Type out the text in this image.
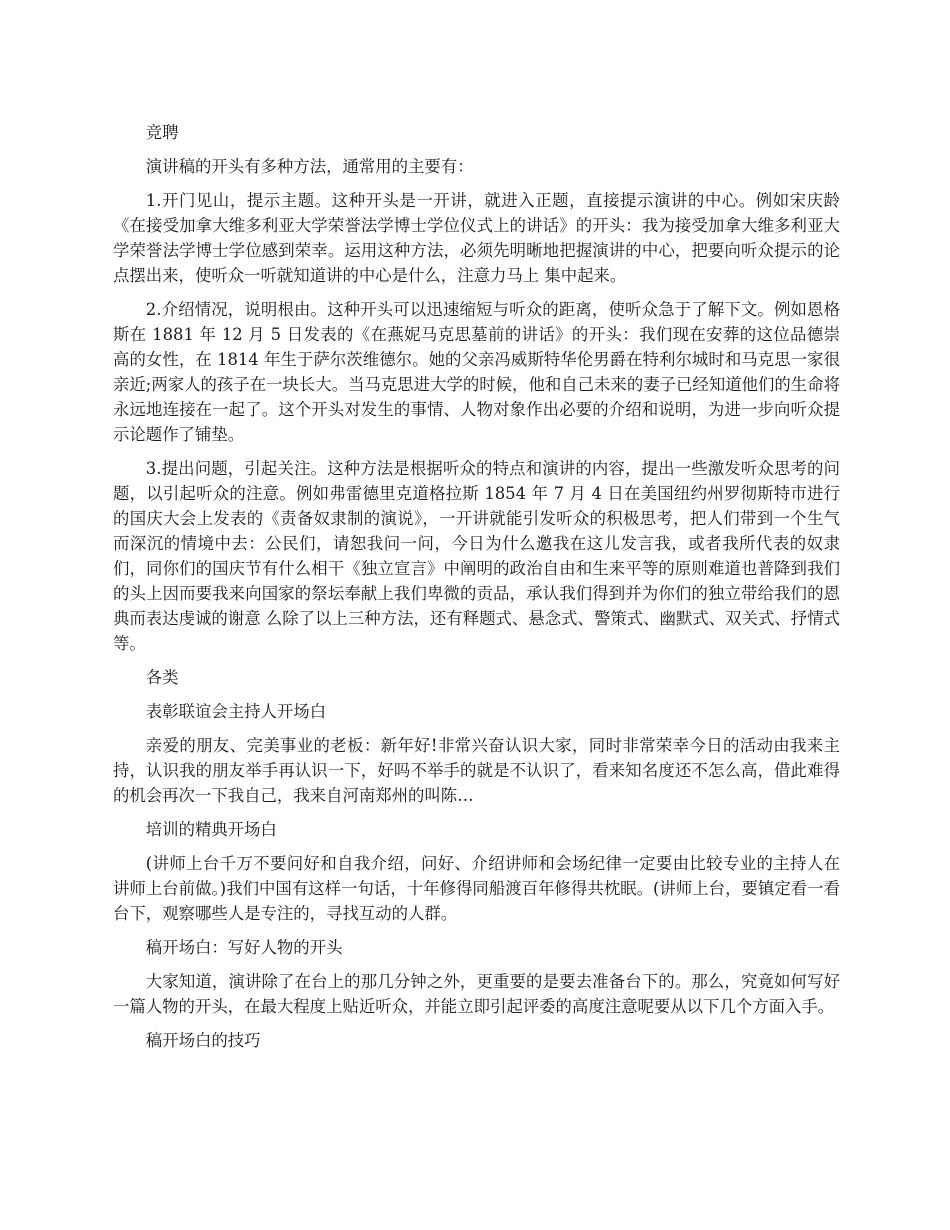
竞聘

演讲稿的开头有多种方法，通常用的主要有：

1.开门见山，提示主题。这种开头是一开讲，就进入正题，直接提示演讲的中心。例如宋庆龄《在接受加拿大维多利亚大学荣誉法学博士学位仪式上的讲话》的开头：我为接受加拿大维多利亚大学荣誉法学博士学位感到荣幸。运用这种方法，必须先明晰地把握演讲的中心，把要向听众提示的论点摆出来，使听众一听就知道讲的中心是什么，注意力马上 集中起来。

2.介绍情况，说明根由。这种开头可以迅速缩短与听众的距离，使听众急于了解下文。例如恩格斯在 1881 年 12 月 5 日发表的《在燕妮马克思墓前的讲话》的开头：我们现在安葬的这位品德崇高的女性，在 1814 年生于萨尔茨维德尔。她的父亲冯威斯特华伦男爵在特利尔城时和马克思一家很亲近;两家人的孩子在一块长大。当马克思进大学的时候，他和自己未来的妻子已经知道他们的生命将永远地连接在一起了。这个开头对发生的事情、人物对象作出必要的介绍和说明，为进一步向听众提示论题作了铺垫。

3.提出问题，引起关注。这种方法是根据听众的特点和演讲的内容，提出一些激发听众思考的问题，以引起听众的注意。例如弗雷德里克道格拉斯 1854 年 7 月 4 日在美国纽约州罗彻斯特市进行的国庆大会上发表的《责备奴隶制的演说》，一开讲就能引发听众的积极思考，把人们带到一个生气而深沉的情境中去：公民们，请恕我问一问，今日为什么邀我在这儿发言我，或者我所代表的奴隶们，同你们的国庆节有什么相干《独立宣言》中阐明的政治自由和生来平等的原则难道也普降到我们的头上因而要我来向国家的祭坛奉献上我们卑微的贡品，承认我们得到并为你们的独立带给我们的恩典而表达虔诚的谢意 么除了以上三种方法，还有释题式、悬念式、警策式、幽默式、双关式、抒情式等。

各类

表彰联谊会主持人开场白

亲爱的朋友、完美事业的老板：新年好!非常兴奋认识大家，同时非常荣幸今日的活动由我来主持，认识我的朋友举手再认识一下，好吗不举手的就是不认识了，看来知名度还不怎么高，借此难得的机会再次一下我自己，我来自河南郑州的叫陈…

培训的精典开场白

(讲师上台千万不要问好和自我介绍，问好、介绍讲师和会场纪律一定要由比较专业的主持人在讲师上台前做。)我们中国有这样一句话，十年修得同船渡百年修得共枕眠。(讲师上台，要镇定看一看台下，观察哪些人是专注的，寻找互动的人群。

稿开场白：写好人物的开头

大家知道，演讲除了在台上的那几分钟之外，更重要的是要去准备台下的。那么，究竟如何写好一篇人物的开头，在最大程度上贴近听众，并能立即引起评委的高度注意呢要从以下几个方面入手。

稿开场白的技巧
